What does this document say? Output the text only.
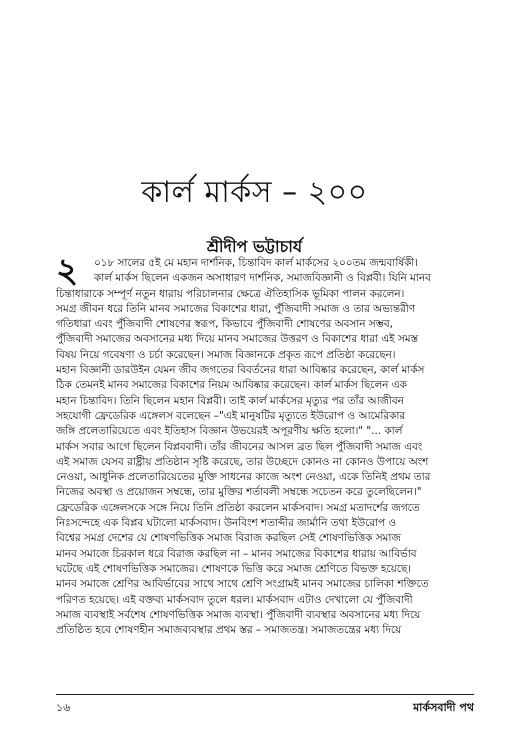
কার্ল মার্কস – ২০০
শ্রীদীপ ভট্টাচার্য
২ ০১৮ সালের ৫ই মে মহান দার্শনিক, চিন্তাবিদ কার্ল মার্কসের ২০০তম জন্মবার্ষিকী।
কার্ল মার্কস ছিলেন একজন অসাধারণ দার্শনিক, সমাজবিজ্ঞানী ও বিপ্লবী। যিনি মানব
চিন্তাধারাকে সম্পূর্ণ নতুন ধারায় পরিচালনার ক্ষেত্রে ঐতিহাসিক ভূমিকা পালন করলেন।
সমগ্র জীবন ধরে তিনি মানব সমাজের বিকাশের ধারা, পুঁজিবাদী সমাজ ও তার অভ্যন্তরীণ
গতিধারা এবং পুঁজিবাদী শোষণের স্বরূপ, কিভাবে পুঁজিবাদী শোষণের অবসান সম্ভব,
পুঁজিবাদী সমাজের অবসানের মধ্য দিয়ে মানব সমাজের উত্তরণ ও বিকাশের ধারা এই সমস্ত
বিষয় নিয়ে গবেষণা ও চর্চা করেছেন। সমাজ বিজ্ঞানকে প্রকৃত রূপে প্রতিষ্ঠা করেছেন।
মহান বিজ্ঞানী ডারউইন যেমন জীব জগতের বিবর্তনের ধারা আবিষ্কার করেছেন, কার্ল মার্কস
ঠিক তেমনই মানব সমাজের বিকাশের নিয়ম আবিষ্কার করেছেন। কার্ল মার্কস ছিলেন এক
মহান চিন্তাবিদ। তিনি ছিলেন মহান বিপ্লবী। তাই কার্ল মার্কসের মৃত্যুর পর তাঁর আজীবন
সহযোগী ফ্রেডেরিক এঙ্গেলস বলেছেন –"এই মানুষটির মৃত্যুতে ইউরোপ ও আমেরিকার
জঙ্গি প্রলেতারিয়েতে এবং ইতিহাস বিজ্ঞান উভয়েরই অপূরণীয় ক্ষতি হলো।" "... কার্ল
মার্কস সবার আগে ছিলেন বিপ্লববাদী। তাঁর জীবনের আসল ব্রত ছিল পুঁজিবাদী সমাজ এবং
এই সমাজ যেসব রাষ্ট্রীয় প্রতিষ্ঠান সৃষ্টি করেছে, তার উচ্ছেদে কোনও না কোনও উপায়ে অংশ
নেওয়া, আধুনিক প্রলেতারিয়েতের মুক্তি সাধনের কাজে অংশ নেওয়া, একে তিনিই প্রথম তার
নিজের অবস্থা ও প্রয়োজন সম্বন্ধে, তার মুক্তির শর্তাবলী সম্বন্ধে সচেতন করে তুলেছিলেন।"
ফ্রেডেরিক এঙ্গেলসকে সঙ্গে নিয়ে তিনি প্রতিষ্ঠা করলেন মার্কসবাদ। সমগ্র মতাদর্শের জগতে
নিঃসন্দেহে এক বিপ্লব ঘটালো মার্কসবাদ। উনবিংশ শতাব্দীর জার্মানি তথা ইউরোপ ও
বিশ্বের সমগ্র দেশের যে শোষণভিত্তিক সমাজ বিরাজ করছিল সেই শোষণভিত্তিক সমাজ
মানব সমাজে চিরকাল ধরে বিরাজ করছিল না – মানব সমাজের বিকাশের ধারায় আবির্ভাব
ঘটেছে এই শোষণভিত্তিক সমাজের। শোষণকে ভিত্তি করে সমাজ শ্রেণিতে বিভক্ত হয়েছে।
মানব সমাজে শ্রেণির আবির্ভাবের সাথে সাথে শ্রেণি সংগ্রামই মানব সমাজের চালিকা শক্তিতে
পরিণত হয়েছে। এই বক্তব্য মার্কসবাদ তুলে ধরল। মার্কসবাদ এটাও দেখালো যে পুঁজিবাদী
সমাজ ব্যবস্থাই সর্বশেষ শোষণভিত্তিক সমাজ ব্যবস্থা। পুঁজিবাদী ব্যবস্থার অবসানের মধ্য দিয়ে
প্রতিষ্ঠিত হবে শোষণহীন সমাজব্যবস্থার প্রথম স্তর – সমাজতন্ত্র। সমাজতন্ত্রের মধ্য দিয়ে
১৬	মার্কসবাদী পথ
